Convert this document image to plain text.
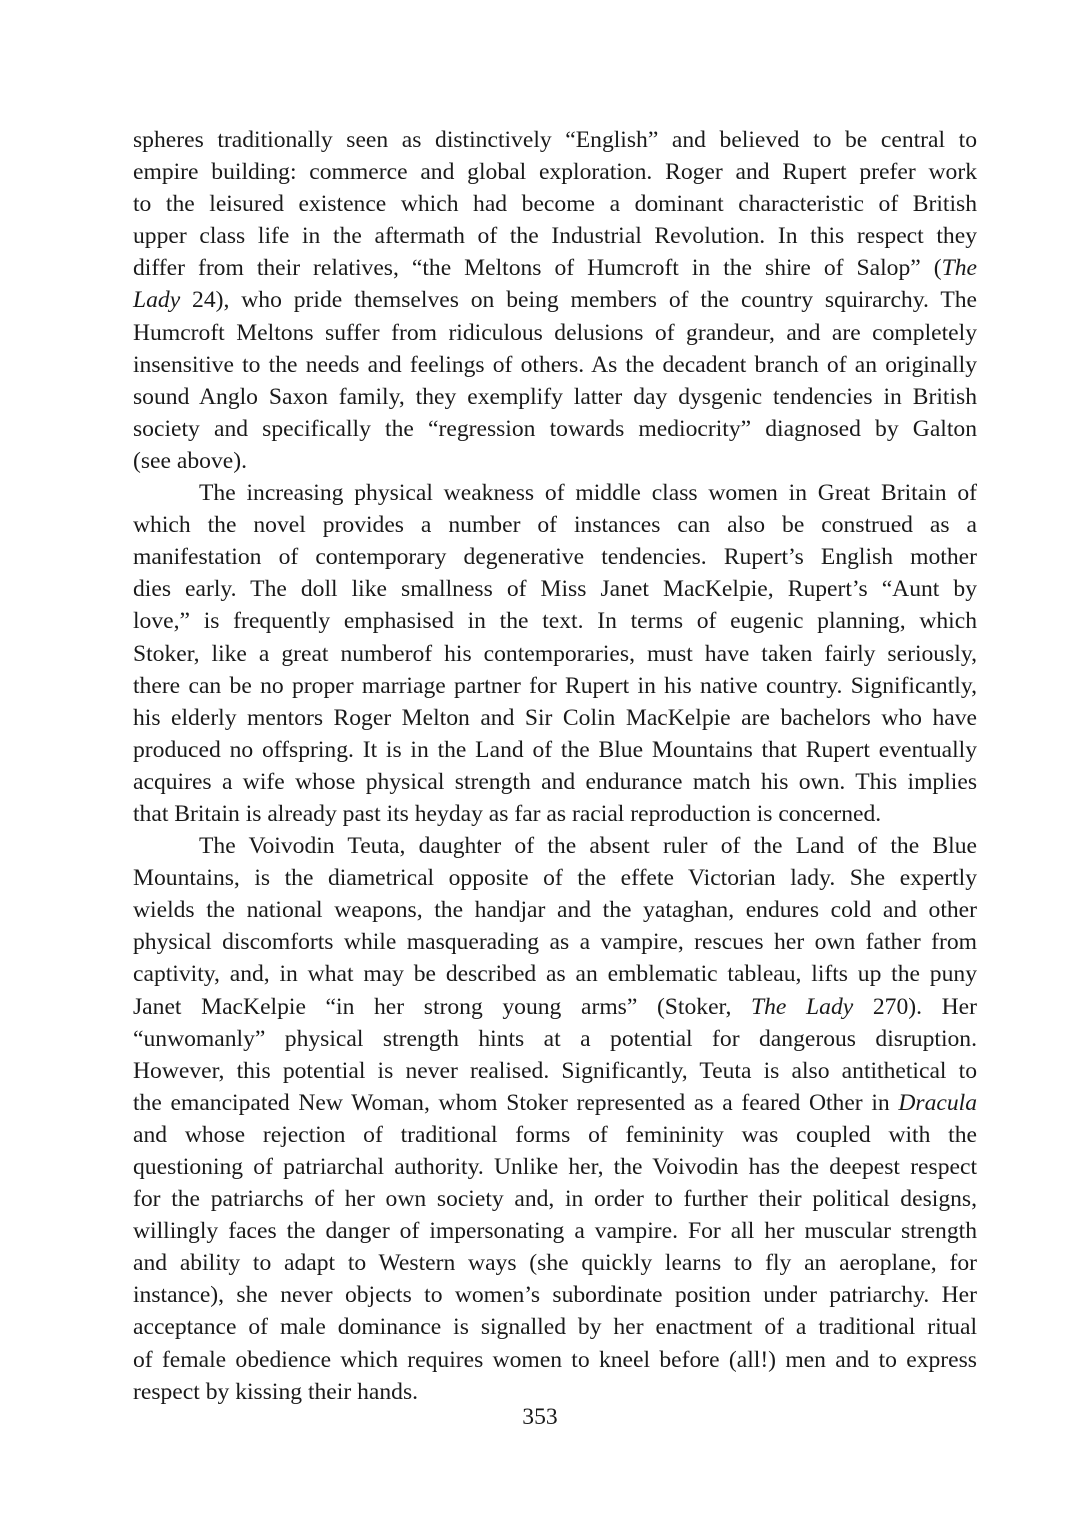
spheres traditionally seen as distinctively “English” and believed to be central to
empire building: commerce and global exploration. Roger and Rupert prefer work
to the leisured existence which had become a dominant characteristic of British
upper class life in the aftermath of the Industrial Revolution. In this respect they
differ from their relatives, “the Meltons of Humcroft in the shire of Salop” (The
Lady 24), who pride themselves on being members of the country squirarchy. The
Humcroft Meltons suffer from ridiculous delusions of grandeur, and are completely
insensitive to the needs and feelings of others. As the decadent branch of an originally
sound Anglo Saxon family, they exemplify latter day dysgenic tendencies in British
society and specifically the “regression towards mediocrity” diagnosed by Galton
(see above).
The increasing physical weakness of middle class women in Great Britain of
which the novel provides a number of instances can also be construed as a
manifestation of contemporary degenerative tendencies. Rupert’s English mother
dies early. The doll like smallness of Miss Janet MacKelpie, Rupert’s “Aunt by
love,” is frequently emphasised in the text. In terms of eugenic planning, which
Stoker, like a great numberof his contemporaries, must have taken fairly seriously,
there can be no proper marriage partner for Rupert in his native country. Significantly,
his elderly mentors Roger Melton and Sir Colin MacKelpie are bachelors who have
produced no offspring. It is in the Land of the Blue Mountains that Rupert eventually
acquires a wife whose physical strength and endurance match his own. This implies
that Britain is already past its heyday as far as racial reproduction is concerned.
The Voivodin Teuta, daughter of the absent ruler of the Land of the Blue
Mountains, is the diametrical opposite of the effete Victorian lady. She expertly
wields the national weapons, the handjar and the yataghan, endures cold and other
physical discomforts while masquerading as a vampire, rescues her own father from
captivity, and, in what may be described as an emblematic tableau, lifts up the puny
Janet MacKelpie “in her strong young arms” (Stoker, The Lady 270). Her
“unwomanly” physical strength hints at a potential for dangerous disruption.
However, this potential is never realised. Significantly, Teuta is also antithetical to
the emancipated New Woman, whom Stoker represented as a feared Other in Dracula
and whose rejection of traditional forms of femininity was coupled with the
questioning of patriarchal authority. Unlike her, the Voivodin has the deepest respect
for the patriarchs of her own society and, in order to further their political designs,
willingly faces the danger of impersonating a vampire. For all her muscular strength
and ability to adapt to Western ways (she quickly learns to fly an aeroplane, for
instance), she never objects to women’s subordinate position under patriarchy. Her
acceptance of male dominance is signalled by her enactment of a traditional ritual
of female obedience which requires women to kneel before (all!) men and to express
respect by kissing their hands.
353
